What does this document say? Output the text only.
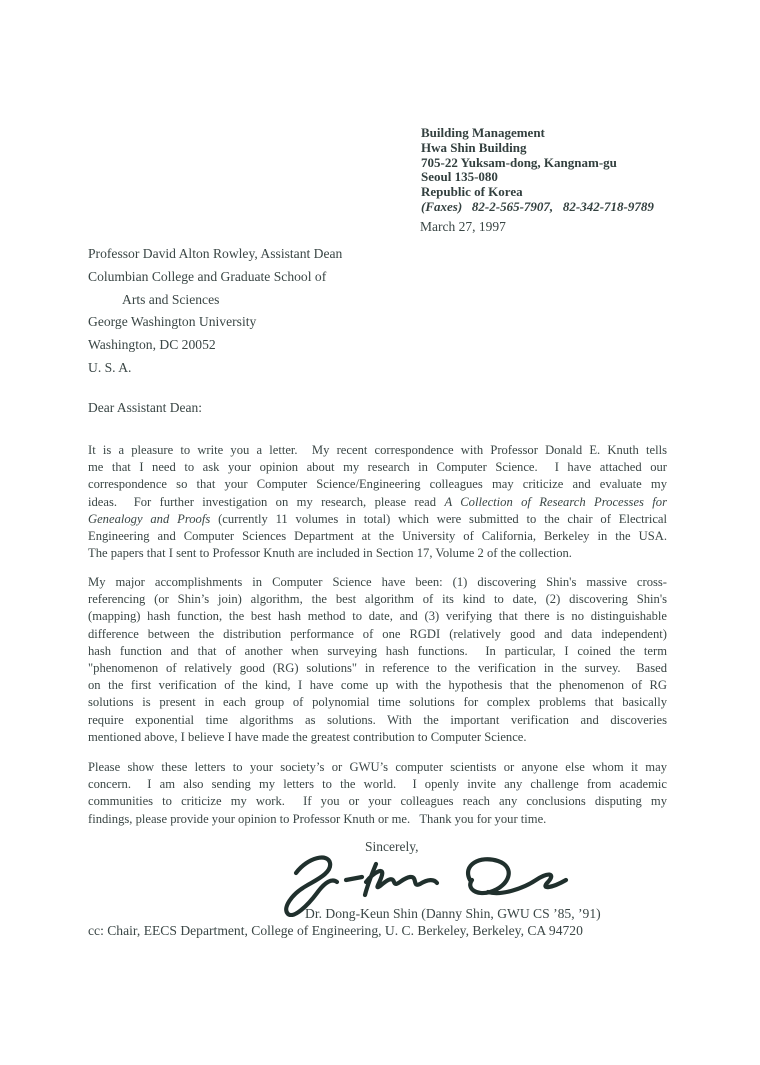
Building Management
Hwa Shin Building
705-22 Yuksam-dong, Kangnam-gu
Seoul 135-080
Republic of Korea
(Faxes)   82-2-565-7907,   82-342-718-9789
March 27, 1997
Professor David Alton Rowley, Assistant Dean
Columbian College and Graduate School of
Arts and Sciences
George Washington University
Washington, DC 20052
U. S. A.
Dear Assistant Dean:
It is a pleasure to write you a letter.  My recent correspondence with Professor Donald E. Knuth tells
me that I need to ask your opinion about my research in Computer Science.  I have attached our
correspondence so that your Computer Science/Engineering colleagues may criticize and evaluate my
ideas.  For further investigation on my research, please read A Collection of Research Processes for
Genealogy and Proofs (currently 11 volumes in total) which were submitted to the chair of Electrical
Engineering and Computer Sciences Department at the University of California, Berkeley in the USA.
The papers that I sent to Professor Knuth are included in Section 17, Volume 2 of the collection.
My major accomplishments in Computer Science have been: (1) discovering Shin's massive cross-
referencing (or Shin’s join) algorithm, the best algorithm of its kind to date, (2) discovering Shin's
(mapping) hash function, the best hash method to date, and (3) verifying that there is no distinguishable
difference between the distribution performance of one RGDI (relatively good and data independent)
hash function and that of another when surveying hash functions.  In particular, I coined the term
"phenomenon of relatively good (RG) solutions" in reference to the verification in the survey.  Based
on the first verification of the kind, I have come up with the hypothesis that the phenomenon of RG
solutions is present in each group of polynomial time solutions for complex problems that basically
require exponential time algorithms as solutions. With the important verification and discoveries
mentioned above, I believe I have made the greatest contribution to Computer Science.
Please show these letters to your society’s or GWU’s computer scientists or anyone else whom it may
concern.  I am also sending my letters to the world.  I openly invite any challenge from academic
communities to criticize my work.  If you or your colleagues reach any conclusions disputing my
findings, please provide your opinion to Professor Knuth or me.   Thank you for your time.
Sincerely,
Dr. Dong-Keun Shin (Danny Shin, GWU CS ’85, ’91)
cc: Chair, EECS Department, College of Engineering, U. C. Berkeley, Berkeley, CA 94720
